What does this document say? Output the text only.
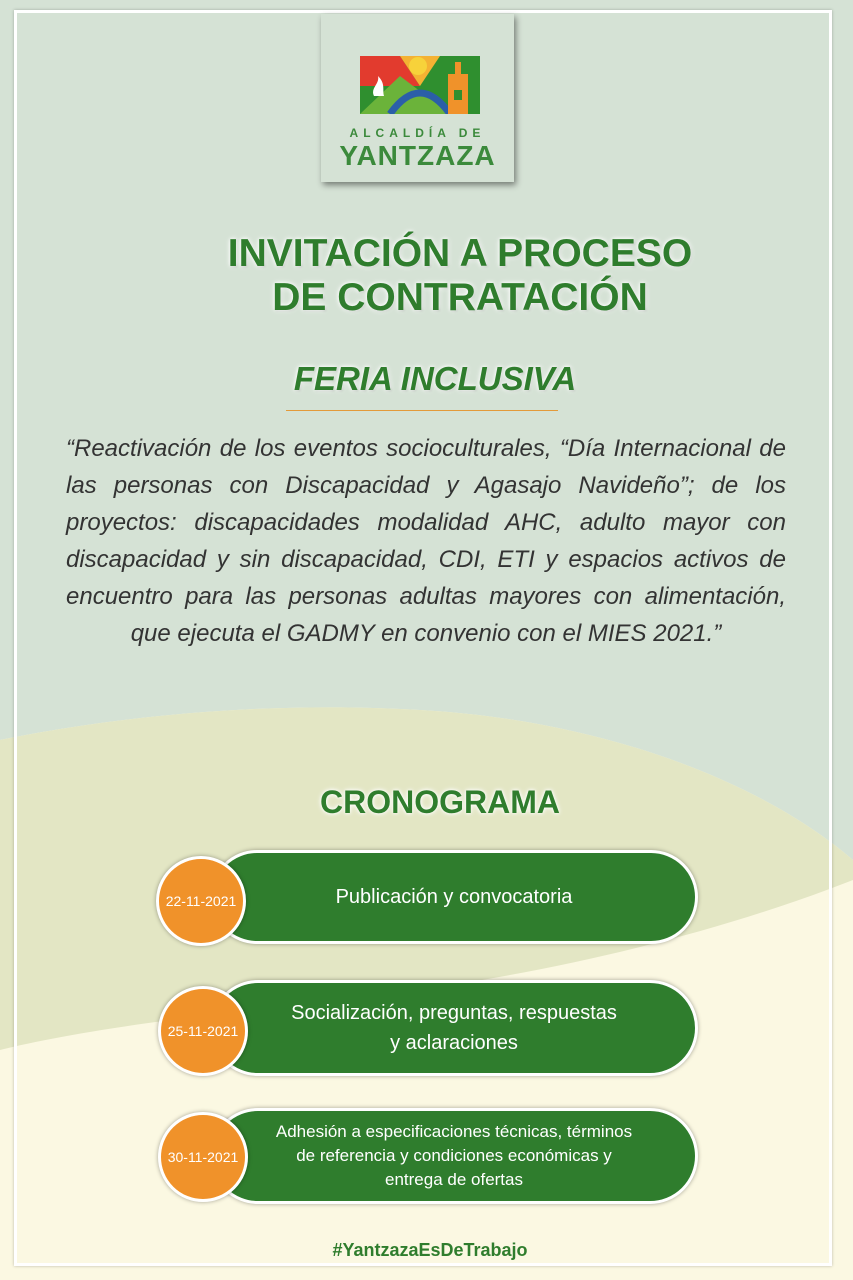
ALCALDÍA DE
YANTZAZA
INVITACIÓN A PROCESO
DE CONTRATACIÓN
FERIA INCLUSIVA
“Reactivación de los eventos socioculturales, “Día Internacional de las personas con Discapacidad y Agasajo Navideño”; de los proyectos: discapacidades modalidad AHC, adulto mayor con discapacidad y sin discapacidad, CDI, ETI y espacios activos de encuentro para las personas adultas mayores con alimentación, que ejecuta el GADMY en convenio con el MIES 2021.”
CRONOGRAMA
Publicación y convocatoria
22-11-2021
Socialización, preguntas, respuestas
y aclaraciones
25-11-2021
Adhesión a especificaciones técnicas, términos
de referencia y condiciones económicas y
entrega de ofertas
30-11-2021
#YantzazaEsDeTrabajo
